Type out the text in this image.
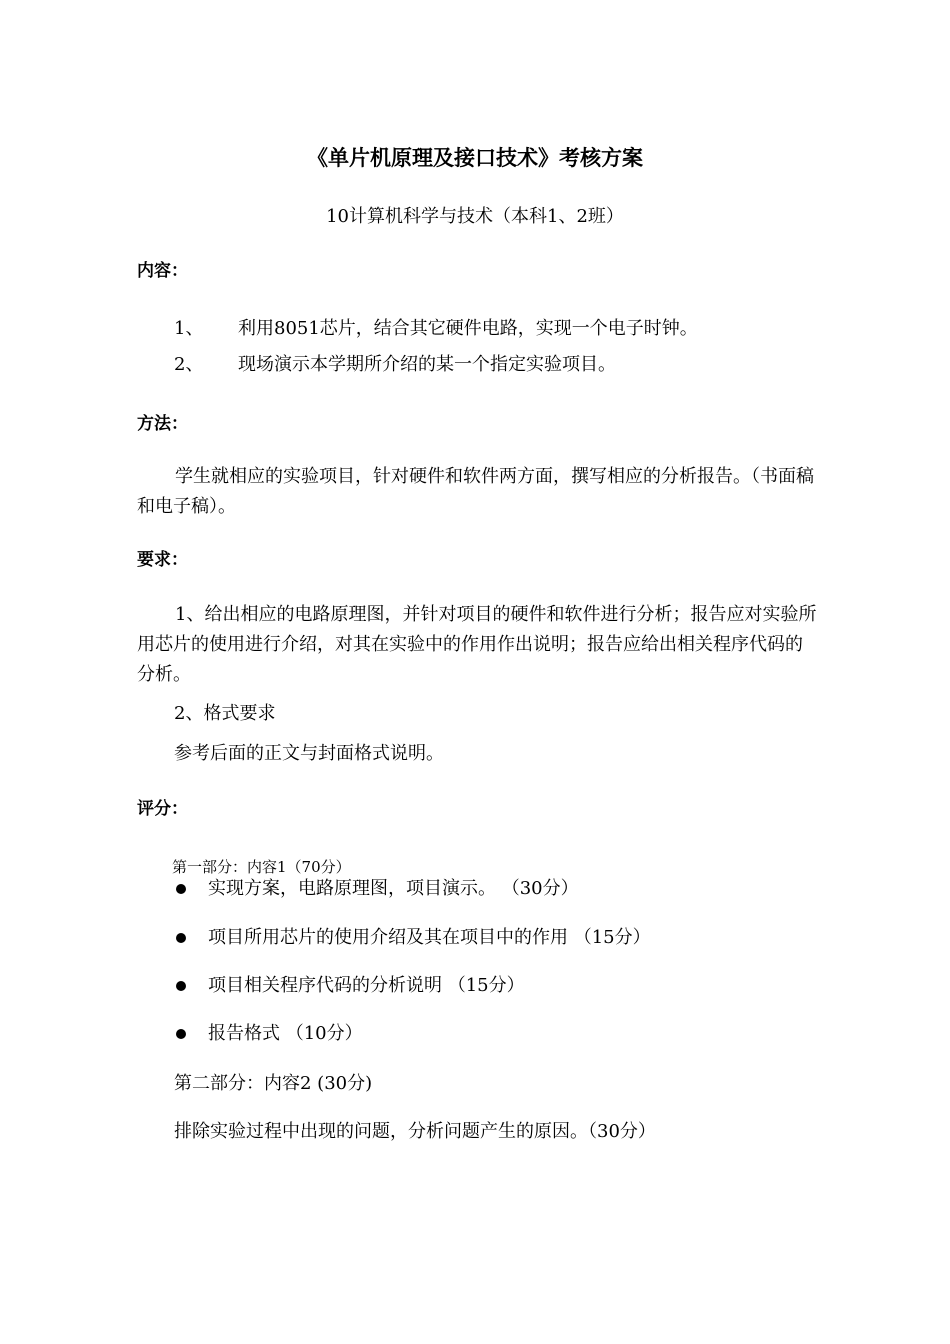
《单片机原理及接口技术》考核方案
10计算机科学与技术（本科1、2班）
内容：
1、 利用8051芯片，结合其它硬件电路，实现一个电子时钟。
2、 现场演示本学期所介绍的某一个指定实验项目。
方法：
学生就相应的实验项目，针对硬件和软件两方面，撰写相应的分析报告。（书面稿和电子稿）。
要求：
1、给出相应的电路原理图，并针对项目的硬件和软件进行分析；报告应对实验所用芯片的使用进行介绍，对其在实验中的作用作出说明；报告应给出相关程序代码的分析。
2、格式要求
参考后面的正文与封面格式说明。
评分：
第一部分：内容1（70分）
实现方案，电路原理图，项目演示。 （30分）
项目所用芯片的使用介绍及其在项目中的作用 （15分）
项目相关程序代码的分析说明 （15分）
报告格式 （10分）
第二部分：内容2 (30分)
排除实验过程中出现的问题，分析问题产生的原因。（30分）
